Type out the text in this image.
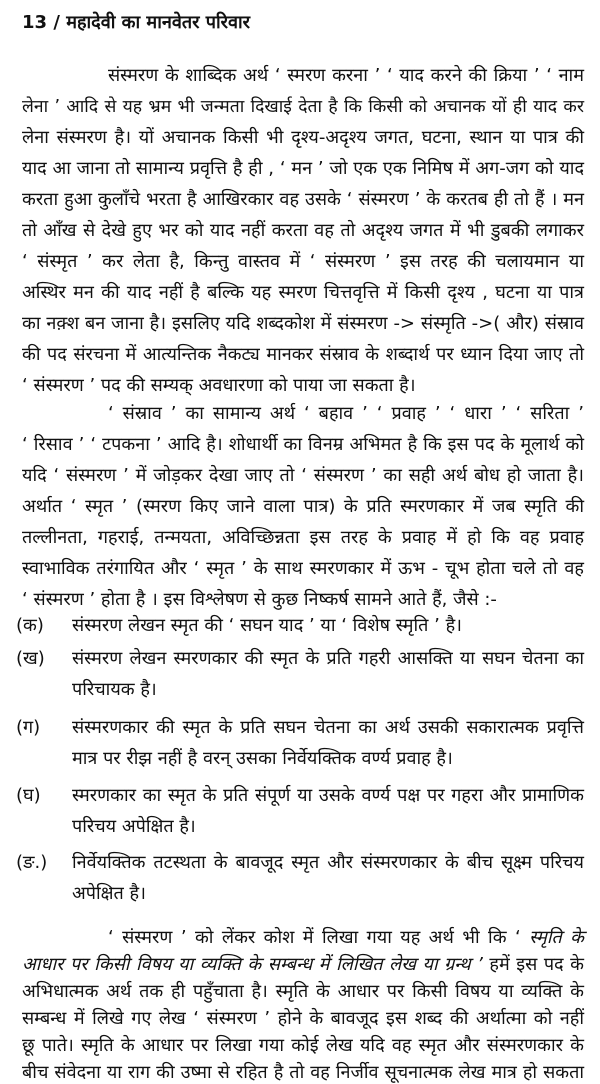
13 / महादेवी का मानवेतर परिवार
संस्मरण के शाब्दिक अर्थ ‘ स्मरण करना ’ ‘ याद करने की क्रिया ’ ‘ नाम
लेना ’ आदि से यह भ्रम भी जन्मता दिखाई देता है कि किसी को अचानक यों ही याद कर
लेना संस्मरण है। यों अचानक किसी भी दृश्य-अदृश्य जगत, घटना, स्थान या पात्र की
याद आ जाना तो सामान्य प्रवृत्ति है ही , ‘ मन ’ जो एक एक निमिष में अग-जग को याद
करता हुआ कुलाँचे भरता है आखिरकार वह उसके ‘ संस्मरण ’ के करतब ही तो हैं । मन
तो आँख से देखे हुए भर को याद नहीं करता वह तो अदृश्य जगत में भी डुबकी लगाकर
‘ संस्मृत ’ कर लेता है, किन्तु वास्तव में ‘ संस्मरण ’ इस तरह की चलायमान या
अस्थिर मन की याद नहीं है बल्कि यह स्मरण चित्तवृत्ति में किसी दृश्य , घटना या पात्र
का नक़्श बन जाना है। इसलिए यदि शब्दकोश में संस्मरण -> संस्मृति ->( और) संस्राव
की पद संरचना में आत्यन्तिक नैकट्य मानकर संस्राव के शब्दार्थ पर ध्यान दिया जाए तो
‘ संस्मरण ’ पद की सम्यक् अवधारणा को पाया जा सकता है।
‘ संस्राव ’ का सामान्य अर्थ ‘ बहाव ’ ‘ प्रवाह ’ ‘ धारा ’ ‘ सरिता ’
‘ रिसाव ’ ‘ टपकना ’ आदि है। शोधार्थी का विनम्र अभिमत है कि इस पद के मूलार्थ को
यदि ‘ संस्मरण ’ में जोड़कर देखा जाए तो ‘ संस्मरण ’ का सही अर्थ बोध हो जाता है।
अर्थात ‘ स्मृत ’ (स्मरण किए जाने वाला पात्र) के प्रति स्मरणकार में जब स्मृति की
तल्लीनता, गहराई, तन्मयता, अविच्छिन्नता इस तरह के प्रवाह में हो कि वह प्रवाह
स्वाभाविक तरंगायित और ‘ स्मृत ’ के साथ स्मरणकार में ऊभ - चूभ होता चले तो वह
‘ संस्मरण ’ होता है । इस विश्लेषण से कुछ निष्कर्ष सामने आते हैं, जैसे :-
(क) संस्मरण लेखन स्मृत की ‘ सघन याद ’ या ‘ विशेष स्मृति ’ है।
(ख) संस्मरण लेखन स्मरणकार की स्मृत के प्रति गहरी आसक्ति या सघन चेतना का
परिचायक है।
(ग) संस्मरणकार की स्मृत के प्रति सघन चेतना का अर्थ उसकी सकारात्मक प्रवृत्ति
मात्र पर रीझ नहीं है वरन् उसका निर्वेयक्तिक वर्ण्य प्रवाह है।
(घ) स्मरणकार का स्मृत के प्रति संपूर्ण या उसके वर्ण्य पक्ष पर गहरा और प्रामाणिक
परिचय अपेक्षित है।
(ङ.) निर्वेयक्तिक तटस्थता के बावजूद स्मृत और संस्मरणकार के बीच सूक्ष्म परिचय
अपेक्षित है।
‘ संस्मरण ’ को लेंकर कोश में लिखा गया यह अर्थ भी कि ‘ स्मृति के
आधार पर किसी विषय या व्यक्ति के सम्बन्ध में लिखित लेख या ग्रन्थ ’ हमें इस पद के
अभिधात्मक अर्थ तक ही पहुँचाता है। स्मृति के आधार पर किसी विषय या व्यक्ति के
सम्बन्ध में लिखे गए लेख ‘ संस्मरण ’ होने के बावजूद इस शब्द की अर्थात्मा को नहीं
छू पाते। स्मृति के आधार पर लिखा गया कोई लेख यदि वह स्मृत और संस्मरणकार के
बीच संवेदना या राग की उष्मा से रहित है तो वह निर्जीव सूचनात्मक लेख मात्र हो सकता
